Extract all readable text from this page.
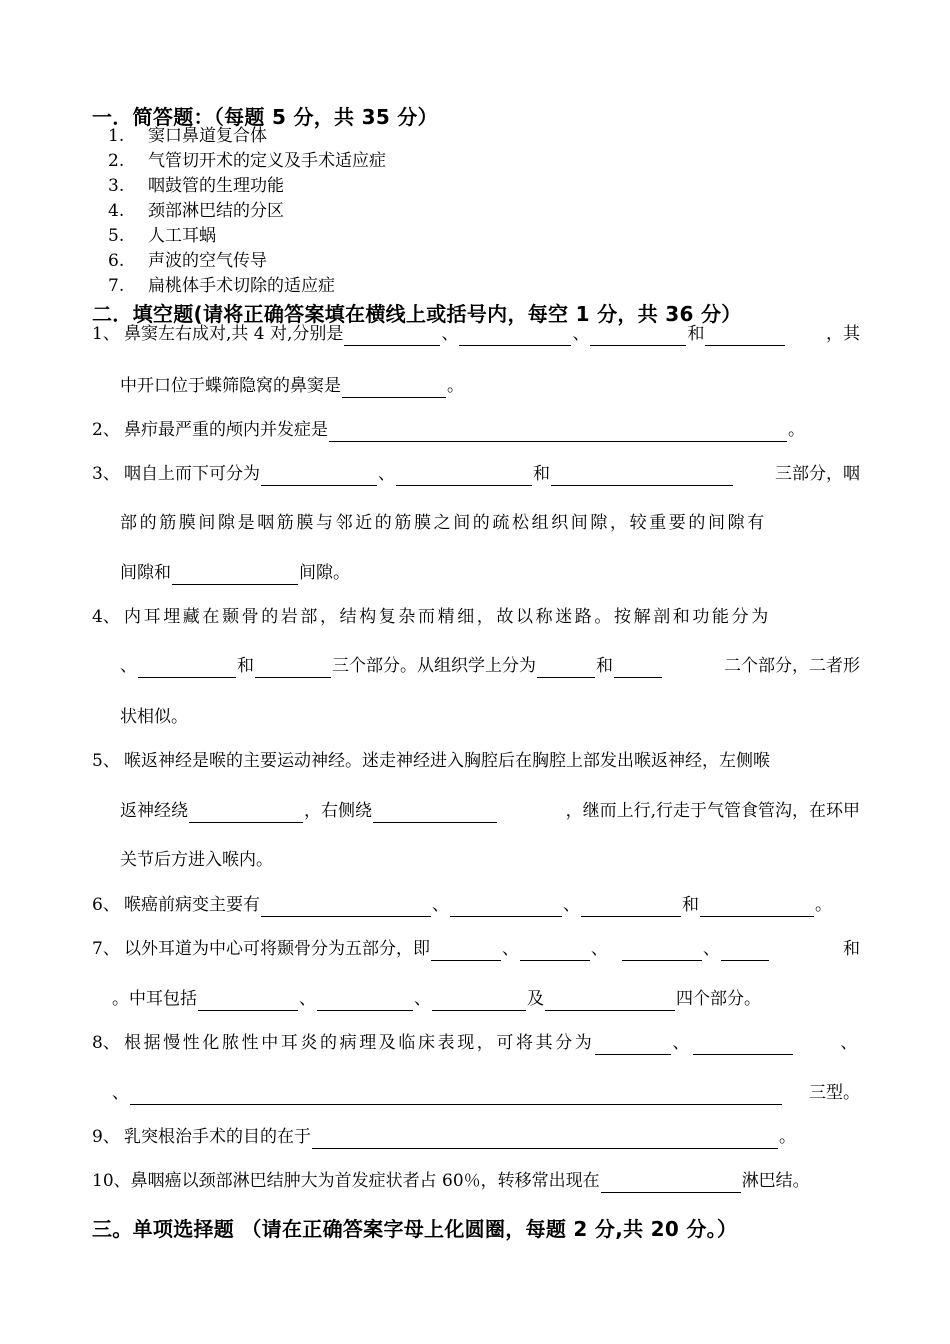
一．简答题：（每题 5 分，共 35 分）
1. 窦口鼻道复合体
2. 气管切开术的定义及手术适应症
3. 咽鼓管的生理功能
4. 颈部淋巴结的分区
5. 人工耳蜗
6. 声波的空气传导
7. 扁桃体手术切除的适应症
二．填空题(请将正确答案填在横线上或括号内，每空 1 分，共 36 分）
1、 鼻窦左右成对,共 4 对,分别是	、	、	和	，其
中开口位于蝶筛隐窝的鼻窦是	。
2、 鼻疖最严重的颅内并发症是	。
3、 咽自上而下可分为	、	和	三部分，咽
部的筋膜间隙是咽筋膜与邻近的筋膜之间的疏松组织间隙，较重要的间隙有
间隙和	间隙。
4、 内耳埋藏在颞骨的岩部，结构复杂而精细，故以称迷路。按解剖和功能分为
、	和	三个部分。从组织学上分为	和	二个部分，二者形
状相似。
5、 喉返神经是喉的主要运动神经。迷走神经进入胸腔后在胸腔上部发出喉返神经，左侧喉
返神经绕	，右侧绕	，继而上行,行走于气管食管沟，在环甲
关节后方进入喉内。
6、 喉癌前病变主要有	、	、	和	。
7、 以外耳道为中心可将颞骨分为五部分，即	、	、	、	和
。中耳包括	、	、	及	四个部分。
8、 根据慢性化脓性中耳炎的病理及临床表现，可将其分为	、	、
、	三型。
9、 乳突根治手术的目的在于	。
10、 鼻咽癌以颈部淋巴结肿大为首发症状者占 60％，转移常出现在	淋巴结。
三。单项选择题 （请在正确答案字母上化圆圈，每题 2 分,共 20 分。）
